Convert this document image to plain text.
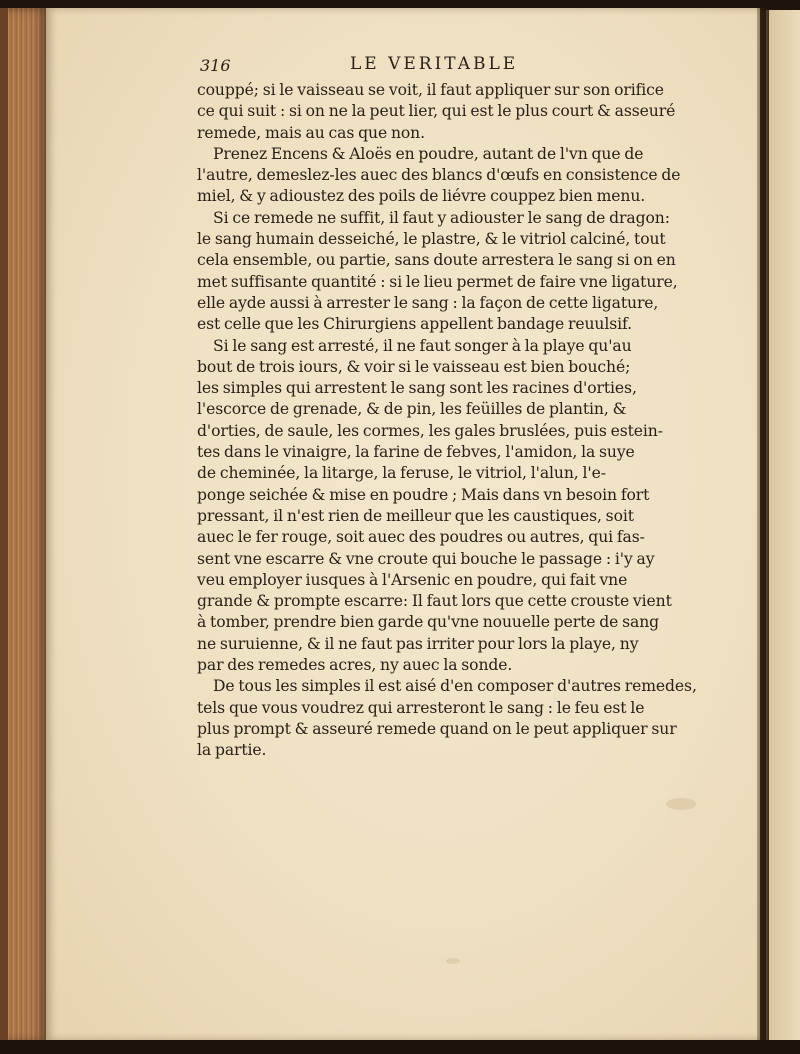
316	LE VERITABLE
couppé; si le vaisseau se voit, il faut appliquer sur son orifice
ce qui suit : si on ne la peut lier, qui est le plus court & asseuré
remede, mais au cas que non.
Prenez Encens & Aloës en poudre, autant de l'vn que de
l'autre, demeslez-les auec des blancs d'œufs en consistence de
miel, & y adioustez des poils de liévre couppez bien menu.
Si ce remede ne suffit, il faut y adiouster le sang de dragon:
le sang humain desseiché, le plastre, & le vitriol calciné, tout
cela ensemble, ou partie, sans doute arrestera le sang si on en
met suffisante quantité : si le lieu permet de faire vne ligature,
elle ayde aussi à arrester le sang : la façon de cette ligature,
est celle que les Chirurgiens appellent bandage reuulsif.
Si le sang est arresté, il ne faut songer à la playe qu'au
bout de trois iours, & voir si le vaisseau est bien bouché;
les simples qui arrestent le sang sont les racines d'orties,
l'escorce de grenade, & de pin, les feüilles de plantin, &
d'orties, de saule, les cormes, les gales bruslées, puis estein-
tes dans le vinaigre, la farine de febves, l'amidon, la suye
de cheminée, la litarge, la feruse, le vitriol, l'alun, l'e-
ponge seichée & mise en poudre ; Mais dans vn besoin fort
pressant, il n'est rien de meilleur que les caustiques, soit
auec le fer rouge, soit auec des poudres ou autres, qui fas-
sent vne escarre & vne croute qui bouche le passage : i'y ay
veu employer iusques à l'Arsenic en poudre, qui fait vne
grande & prompte escarre: Il faut lors que cette crouste vient
à tomber, prendre bien garde qu'vne nouuelle perte de sang
ne suruienne, & il ne faut pas irriter pour lors la playe, ny
par des remedes acres, ny auec la sonde.
De tous les simples il est aisé d'en composer d'autres remedes,
tels que vous voudrez qui arresteront le sang : le feu est le
plus prompt & asseuré remede quand on le peut appliquer sur
la partie.
